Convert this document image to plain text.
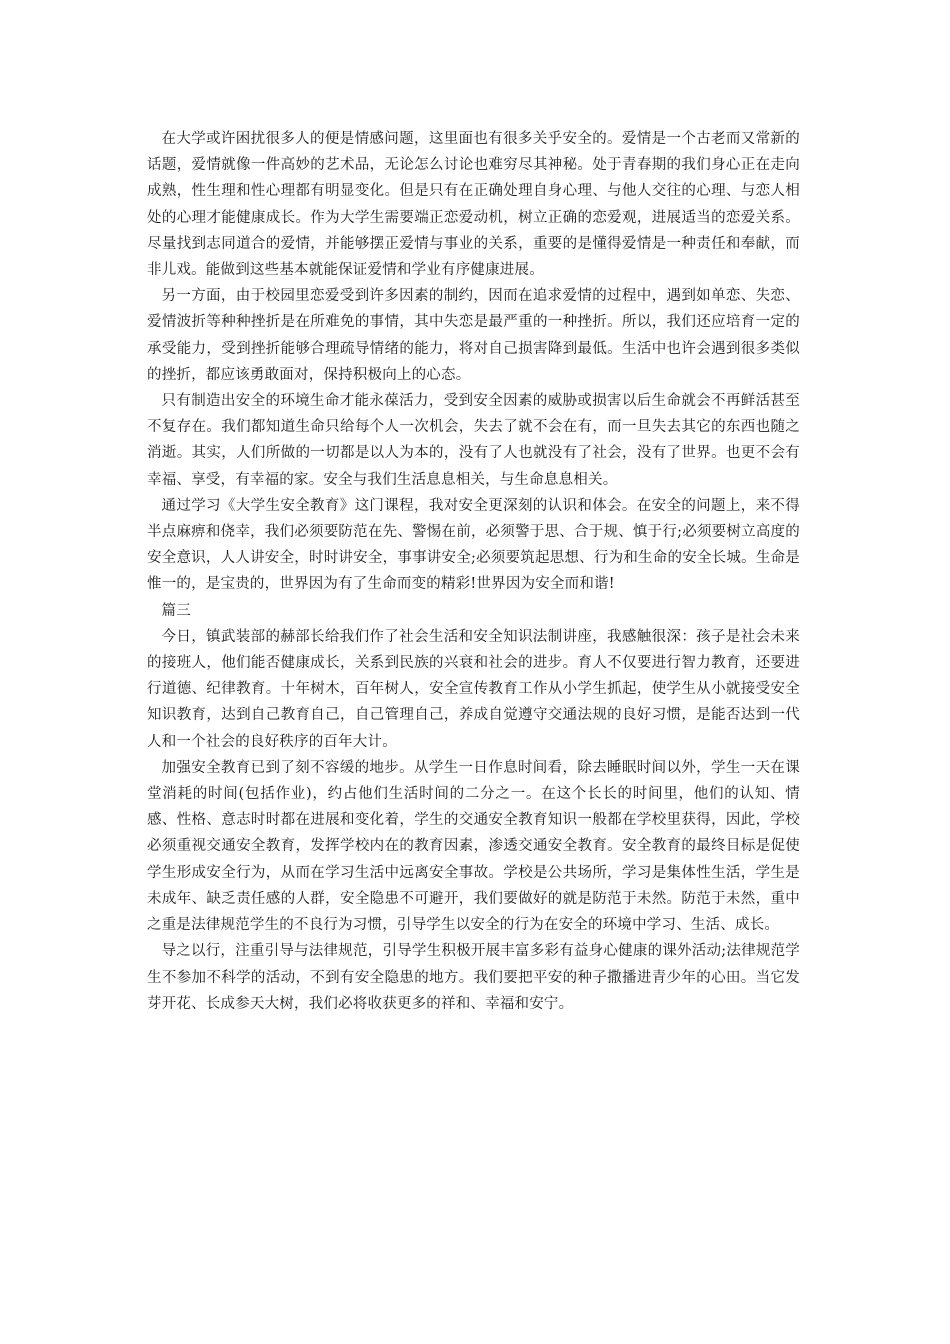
在大学或许困扰很多人的便是情感问题，这里面也有很多关乎安全的。爱情是一个古老而又常新的话题，爱情就像一件高妙的艺术品，无论怎么讨论也难穷尽其神秘。处于青春期的我们身心正在走向成熟，性生理和性心理都有明显变化。但是只有在正确处理自身心理、与他人交往的心理、与恋人相处的心理才能健康成长。作为大学生需要端正恋爱动机，树立正确的恋爱观，进展适当的恋爱关系。尽量找到志同道合的爱情，并能够摆正爱情与事业的关系，重要的是懂得爱情是一种责任和奉献，而非儿戏。能做到这些基本就能保证爱情和学业有序健康进展。

另一方面，由于校园里恋爱受到许多因素的制约，因而在追求爱情的过程中，遇到如单恋、失恋、爱情波折等种种挫折是在所难免的事情，其中失恋是最严重的一种挫折。所以，我们还应培育一定的承受能力，受到挫折能够合理疏导情绪的能力，将对自己损害降到最低。生活中也许会遇到很多类似的挫折，都应该勇敢面对，保持积极向上的心态。

只有制造出安全的环境生命才能永葆活力，受到安全因素的威胁或损害以后生命就会不再鲜活甚至不复存在。我们都知道生命只给每个人一次机会，失去了就不会在有，而一旦失去其它的东西也随之消逝。其实，人们所做的一切都是以人为本的，没有了人也就没有了社会，没有了世界。也更不会有幸福、享受，有幸福的家。安全与我们生活息息相关，与生命息息相关。

通过学习《大学生安全教育》这门课程，我对安全更深刻的认识和体会。在安全的问题上，来不得半点麻痹和侥幸，我们必须要防范在先、警惕在前，必须警于思、合于规、慎于行;必须要树立高度的安全意识，人人讲安全，时时讲安全，事事讲安全;必须要筑起思想、行为和生命的安全长城。生命是惟一的，是宝贵的，世界因为有了生命而变的精彩!世界因为安全而和谐!

篇三

今日，镇武装部的赫部长给我们作了社会生活和安全知识法制讲座，我感触很深：孩子是社会未来的接班人，他们能否健康成长，关系到民族的兴衰和社会的进步。育人不仅要进行智力教育，还要进行道德、纪律教育。十年树木，百年树人，安全宣传教育工作从小学生抓起，使学生从小就接受安全知识教育，达到自己教育自己，自己管理自己，养成自觉遵守交通法规的良好习惯，是能否达到一代人和一个社会的良好秩序的百年大计。

加强安全教育已到了刻不容缓的地步。从学生一日作息时间看，除去睡眠时间以外，学生一天在课堂消耗的时间(包括作业)，约占他们生活时间的二分之一。在这个长长的时间里，他们的认知、情感、性格、意志时时都在进展和变化着，学生的交通安全教育知识一般都在学校里获得，因此，学校必须重视交通安全教育，发挥学校内在的教育因素，渗透交通安全教育。安全教育的最终目标是促使学生形成安全行为，从而在学习生活中远离安全事故。学校是公共场所，学习是集体性生活，学生是未成年、缺乏责任感的人群，安全隐患不可避开，我们要做好的就是防范于未然。防范于未然，重中之重是法律规范学生的不良行为习惯，引导学生以安全的行为在安全的环境中学习、生活、成长。

导之以行，注重引导与法律规范，引导学生积极开展丰富多彩有益身心健康的课外活动;法律规范学生不参加不科学的活动，不到有安全隐患的地方。我们要把平安的种子撒播进青少年的心田。当它发芽开花、长成参天大树，我们必将收获更多的祥和、幸福和安宁。
